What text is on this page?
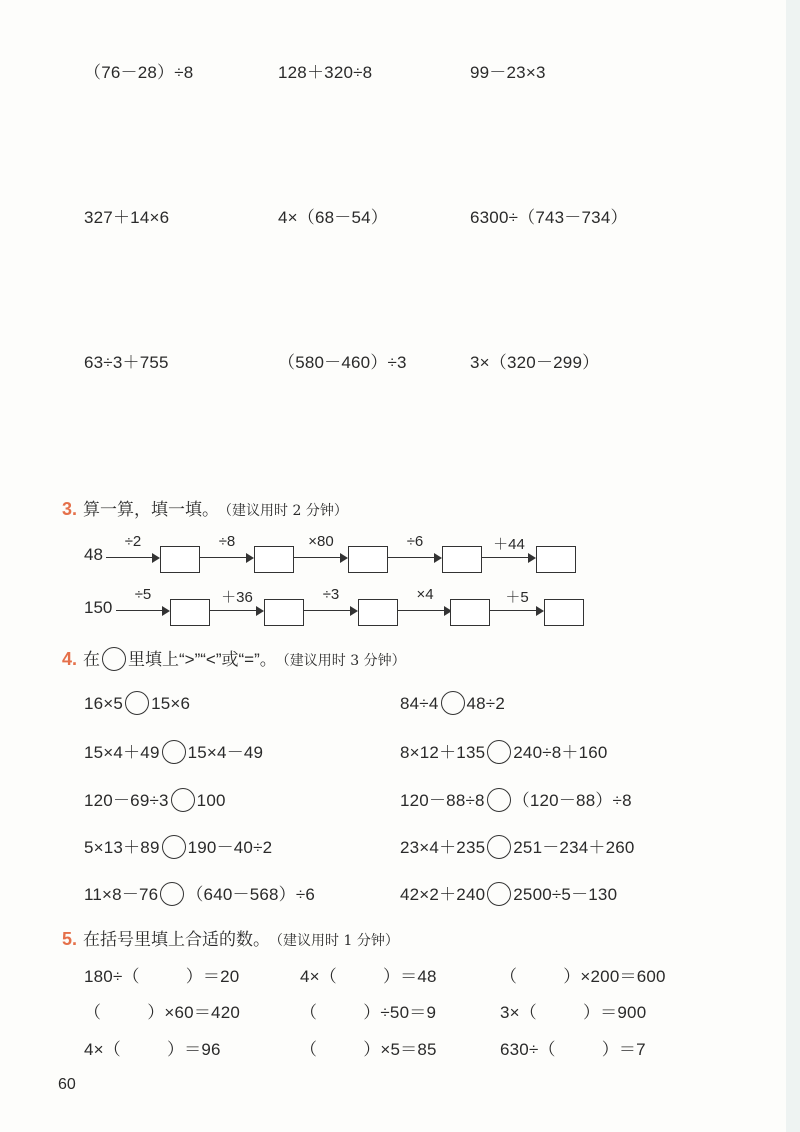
（76－28）÷8	128＋320÷8	99－23×3
327＋14×6	4×（68－54）	6300÷（743－734）
63÷3＋755	（580－460）÷3	3×（320－299）
3. 算一算，填一填。 （建议用时 2 分钟）
48
÷2	÷8	×80	÷6	＋44
150
÷5	＋36	÷3	×4	＋5
4. 在 里填上“>”“<”或“=”。 （建议用时 3 分钟）
16×5 15×6	84÷4 48÷2
15×4＋49 15×4－49	8×12＋135 240÷8＋160
120－69÷3 100	120－88÷8 （120－88）÷8
5×13＋89 190－40÷2	23×4＋235 251－234＋260
11×8－76 （640－568）÷6	42×2＋240 2500÷5－130
5. 在括号里填上合适的数。 （建议用时 1 分钟）
180÷（	）＝20	4×（	）＝48	（	）×200＝600
（	）×60＝420	（	）÷50＝9	3×（	）＝900
4×（	）＝96	（	）×5＝85	630÷（	）＝7
60
